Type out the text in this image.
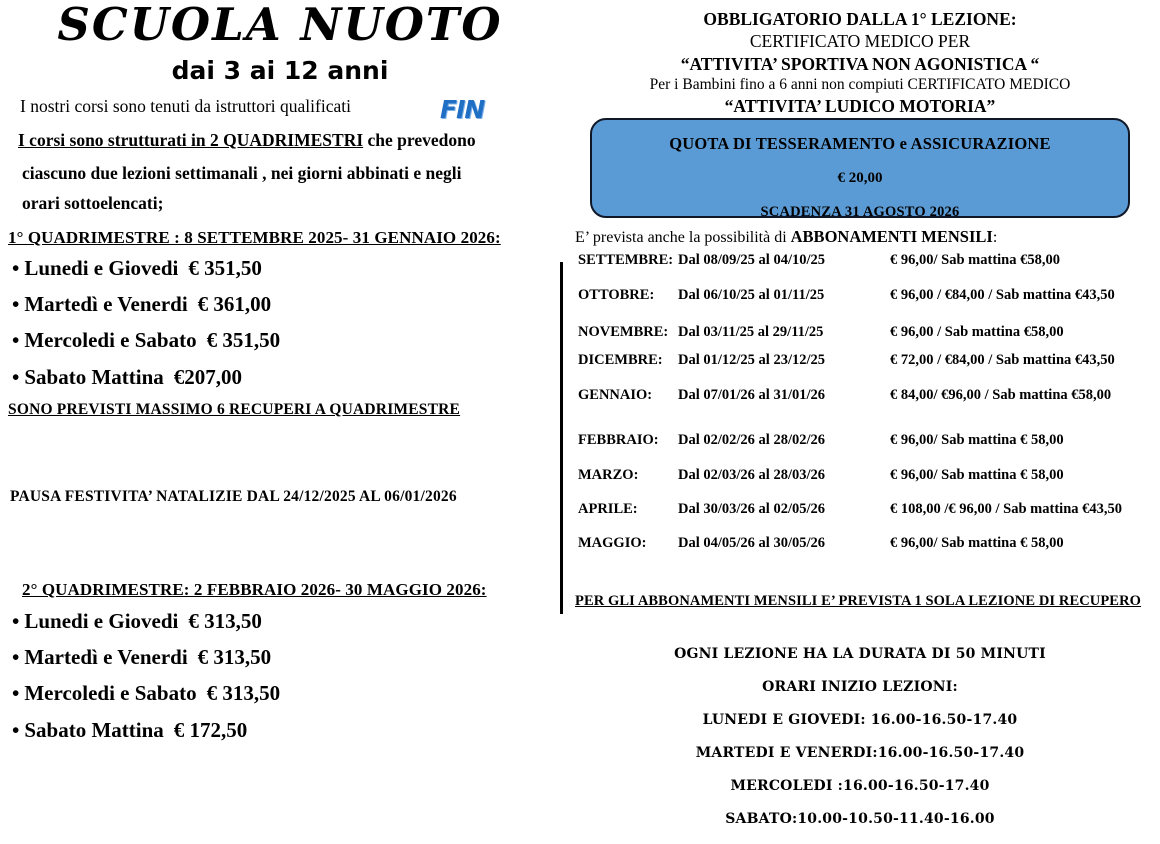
SCUOLA NUOTO
dai 3 ai 12 anni
I nostri corsi sono tenuti da istruttori qualificati	FIN
I corsi sono strutturati in 2 QUADRIMESTRI che prevedono
ciascuno due lezioni settimanali , nei giorni abbinati e negli
orari sottoelencati;
1° QUADRIMESTRE : 8 SETTEMBRE 2025- 31 GENNAIO 2026:
• Lunedi e Giovedi € 351,50
• Martedì e Venerdi € 361,00
• Mercoledi e Sabato € 351,50
• Sabato Mattina €207,00
SONO PREVISTI MASSIMO 6 RECUPERI A QUADRIMESTRE
PAUSA FESTIVITA’ NATALIZIE DAL 24/12/2025 AL 06/01/2026
2° QUADRIMESTRE: 2 FEBBRAIO 2026- 30 MAGGIO 2026:
• Lunedi e Giovedi € 313,50
• Martedì e Venerdi € 313,50
• Mercoledi e Sabato € 313,50
• Sabato Mattina € 172,50
OBBLIGATORIO DALLA 1° LEZIONE:
CERTIFICATO MEDICO PER
“ATTIVITA’ SPORTIVA NON AGONISTICA “
Per i Bambini fino a 6 anni non compiuti CERTIFICATO MEDICO
“ATTIVITA’ LUDICO MOTORIA”
QUOTA DI TESSERAMENTO e ASSICURAZIONE
€ 20,00
SCADENZA 31 AGOSTO 2026
E’ prevista anche la possibilità di ABBONAMENTI MENSILI:
SETTEMBRE: Dal 08/09/25 al 04/10/25	€ 96,00/ Sab mattina €58,00
OTTOBRE: Dal 06/10/25 al 01/11/25	€ 96,00 / €84,00 / Sab mattina €43,50
NOVEMBRE: Dal 03/11/25 al 29/11/25	€ 96,00 / Sab mattina €58,00
DICEMBRE: Dal 01/12/25 al 23/12/25	€ 72,00 / €84,00 / Sab mattina €43,50
GENNAIO: Dal 07/01/26 al 31/01/26	€ 84,00/ €96,00 / Sab mattina €58,00
FEBBRAIO: Dal 02/02/26 al 28/02/26	€ 96,00/ Sab mattina € 58,00
MARZO:	Dal 02/03/26 al 28/03/26	€ 96,00/ Sab mattina € 58,00
APRILE:	Dal 30/03/26 al 02/05/26	€ 108,00 /€ 96,00 / Sab mattina €43,50
MAGGIO: Dal 04/05/26 al 30/05/26	€ 96,00/ Sab mattina € 58,00
PER GLI ABBONAMENTI MENSILI E’ PREVISTA 1 SOLA LEZIONE DI RECUPERO
OGNI LEZIONE HA LA DURATA DI 50 MINUTI
ORARI INIZIO LEZIONI:
LUNEDI E GIOVEDI: 16.00-16.50-17.40
MARTEDI E VENERDI:16.00-16.50-17.40
MERCOLEDI :16.00-16.50-17.40
SABATO:10.00-10.50-11.40-16.00
